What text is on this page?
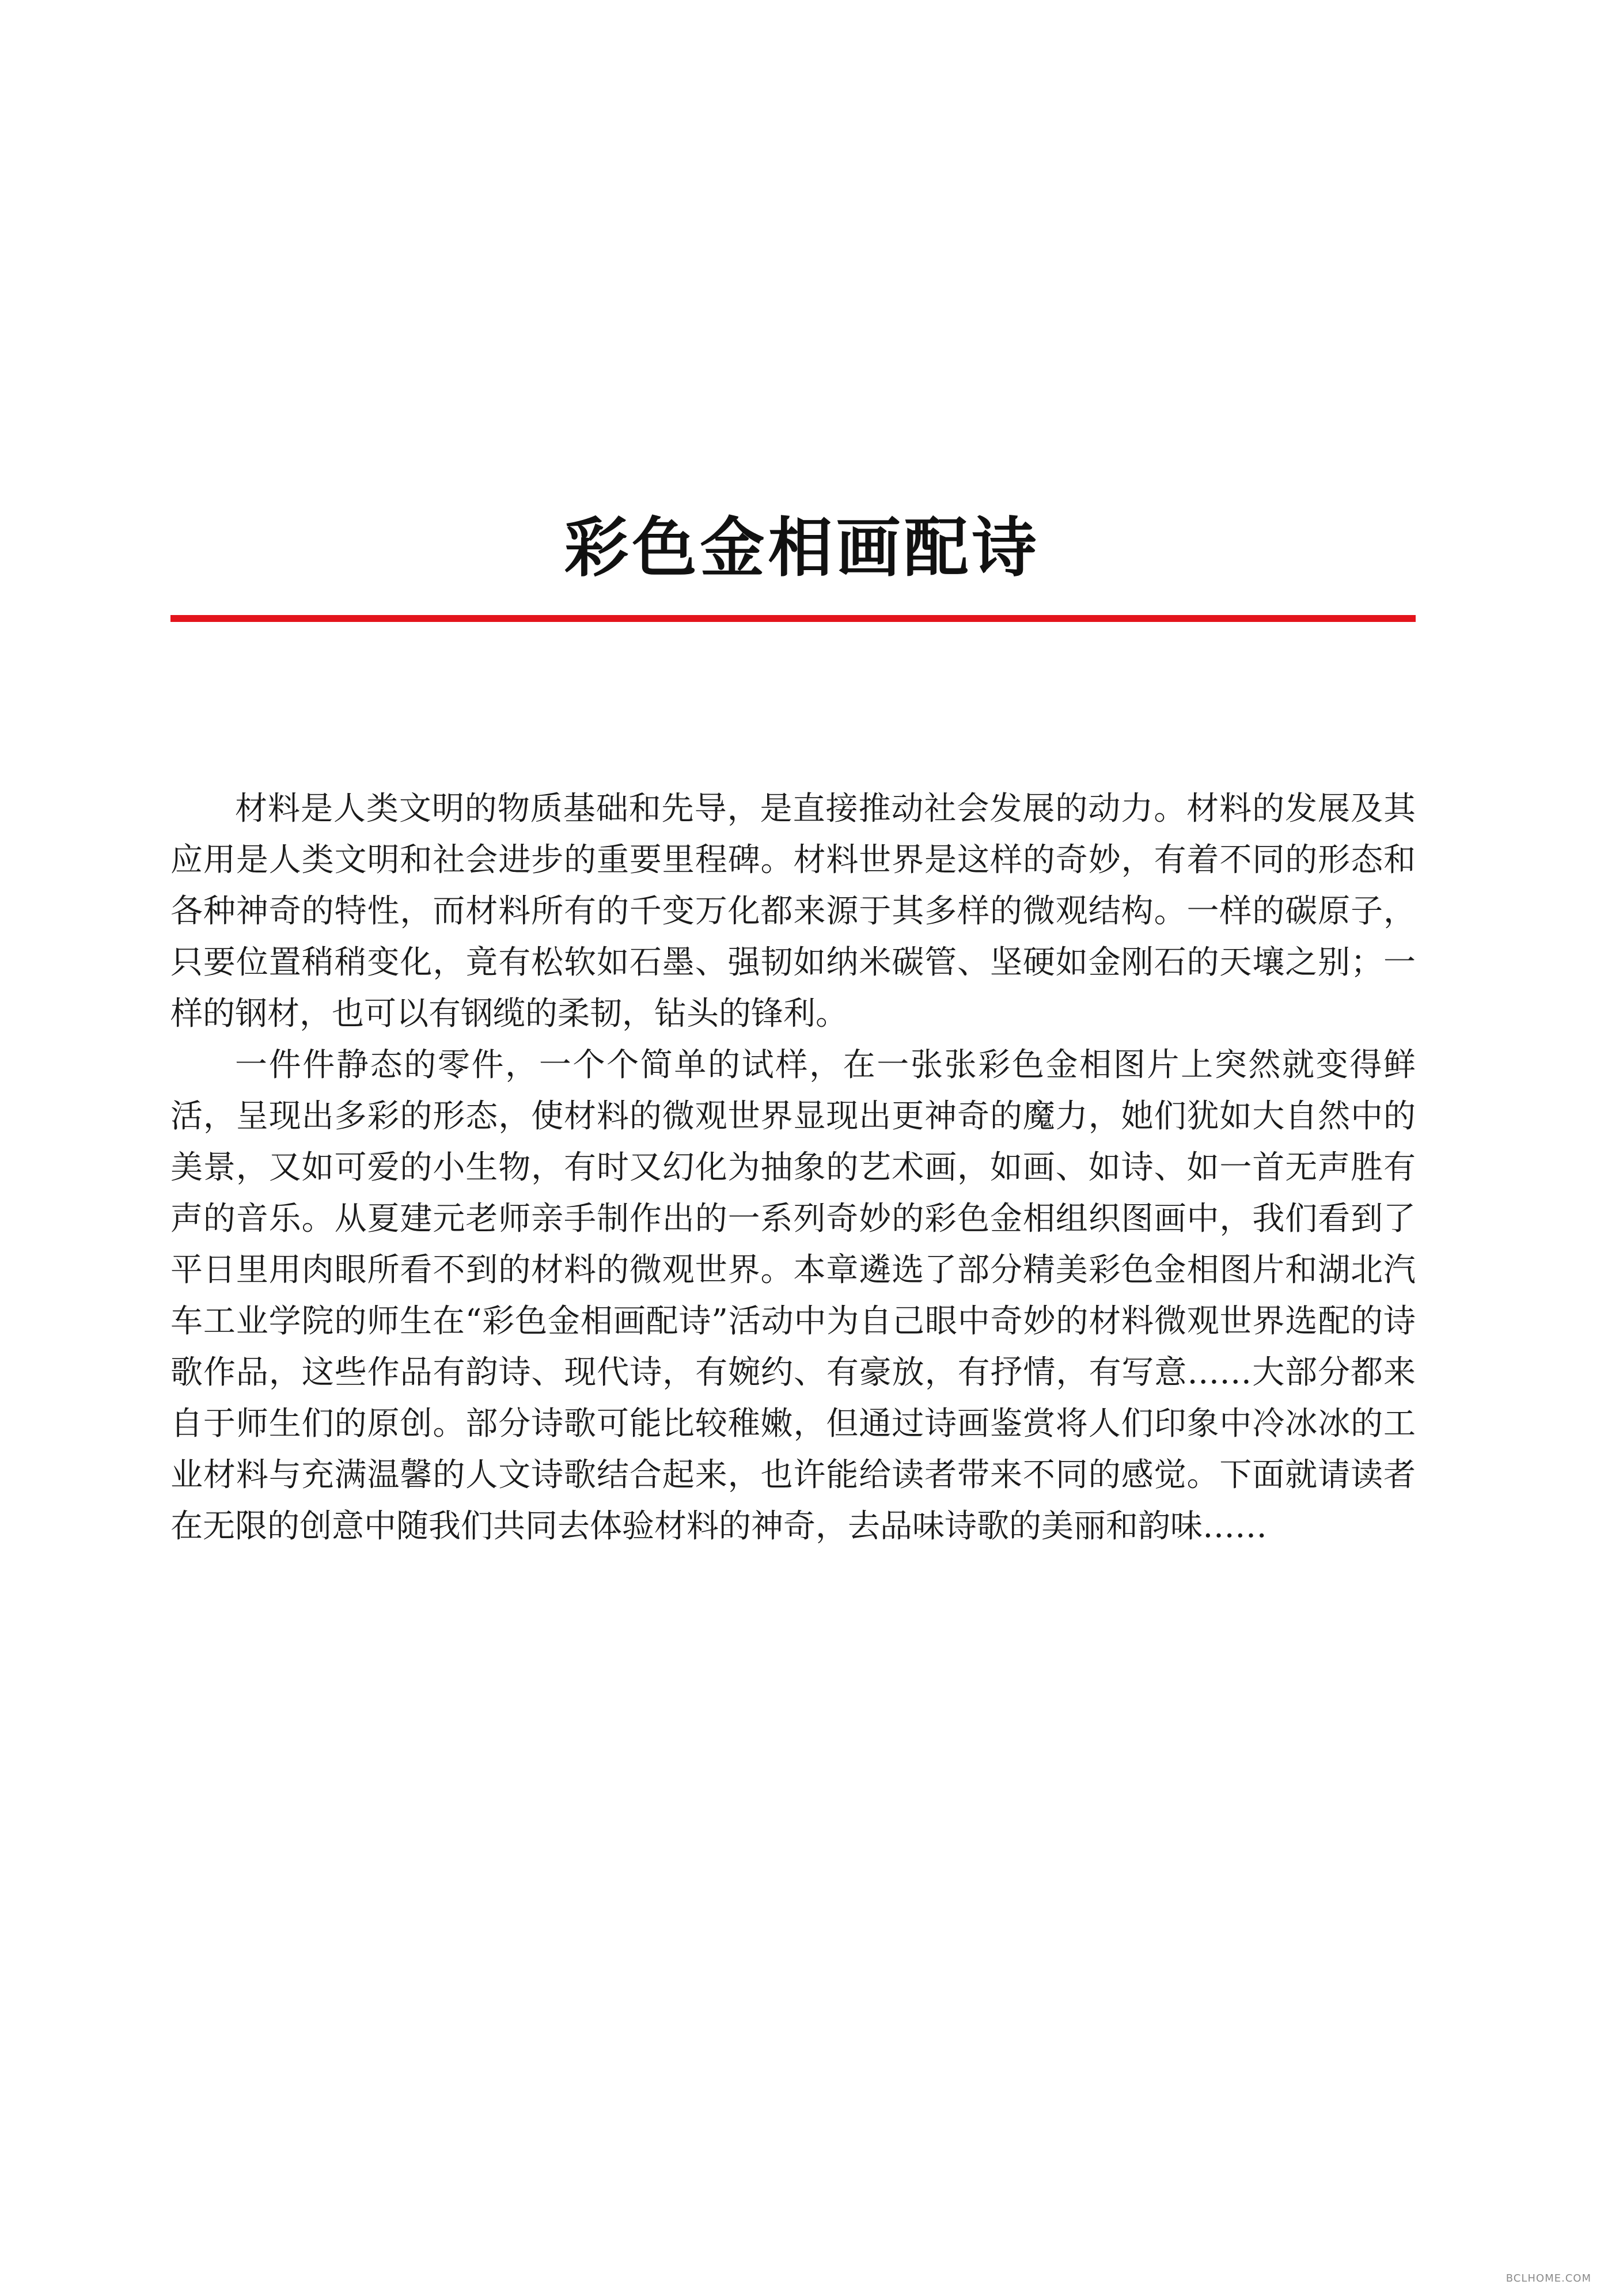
彩色金相画配诗

材料是人类文明的物质基础和先导，是直接推动社会发展的动力。材料的发展及其应用是人类文明和社会进步的重要里程碑。材料世界是这样的奇妙，有着不同的形态和各种神奇的特性，而材料所有的千变万化都来源于其多样的微观结构。一样的碳原子，只要位置稍稍变化，竟有松软如石墨、强韧如纳米碳管、坚硬如金刚石的天壤之别；一样的钢材，也可以有钢缆的柔韧，钻头的锋利。

一件件静态的零件，一个个简单的试样，在一张张彩色金相图片上突然就变得鲜活，呈现出多彩的形态，使材料的微观世界显现出更神奇的魔力，她们犹如大自然中的美景，又如可爱的小生物，有时又幻化为抽象的艺术画，如画、如诗、如一首无声胜有声的音乐。从夏建元老师亲手制作出的一系列奇妙的彩色金相组织图画中，我们看到了平日里用肉眼所看不到的材料的微观世界。本章遴选了部分精美彩色金相图片和湖北汽车工业学院的师生在“彩色金相画配诗”活动中为自己眼中奇妙的材料微观世界选配的诗歌作品，这些作品有韵诗、现代诗，有婉约、有豪放，有抒情，有写意……大部分都来自于师生们的原创。部分诗歌可能比较稚嫩，但通过诗画鉴赏将人们印象中冷冰冰的工业材料与充满温馨的人文诗歌结合起来，也许能给读者带来不同的感觉。下面就请读者在无限的创意中随我们共同去体验材料的神奇，去品味诗歌的美丽和韵味……

BCLHOME.COM
